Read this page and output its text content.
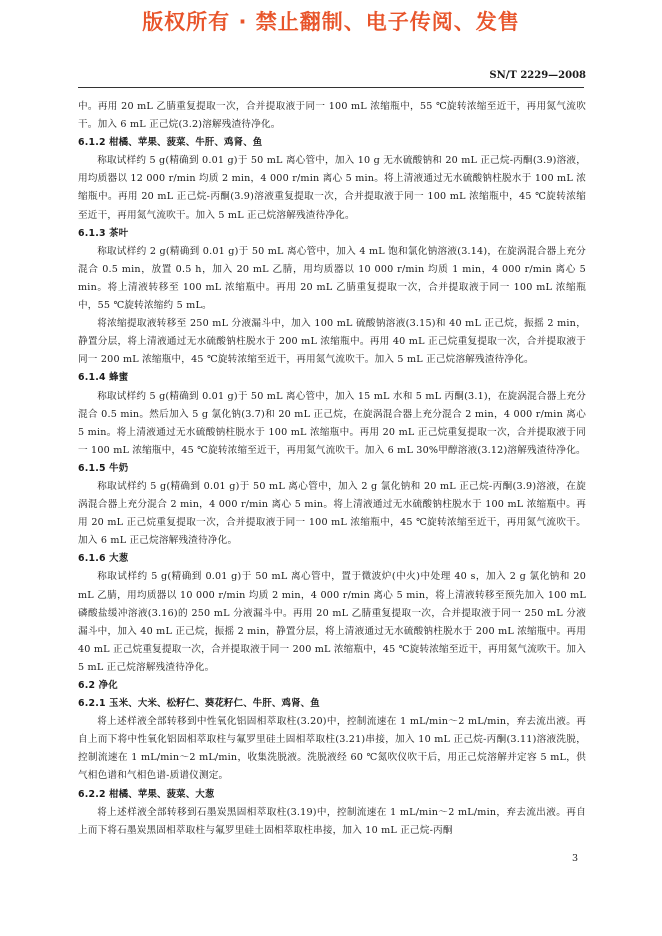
版权所有 · 禁止翻制、电子传阅、发售
SN/T 2229—2008

中。再用 20 mL 乙腈重复提取一次，合并提取液于同一 100 mL 浓缩瓶中，55 ℃旋转浓缩至近干，再用氮气流吹干。加入 6 mL 正己烷(3.2)溶解残渣待净化。

6.1.2 柑橘、苹果、菠菜、牛肝、鸡肾、鱼

称取试样约 5 g(精确到 0.01 g)于 50 mL 离心管中，加入 10 g 无水硫酸钠和 20 mL 正己烷-丙酮(3.9)溶液，用均质器以 12 000 r/min 均质 2 min，4 000 r/min 离心 5 min。将上清液通过无水硫酸钠柱脱水于 100 mL 浓缩瓶中。再用 20 mL 正己烷-丙酮(3.9)溶液重复提取一次，合并提取液于同一 100 mL 浓缩瓶中，45 ℃旋转浓缩至近干，再用氮气流吹干。加入 5 mL 正己烷溶解残渣待净化。

6.1.3 茶叶

称取试样约 2 g(精确到 0.01 g)于 50 mL 离心管中，加入 4 mL 饱和氯化钠溶液(3.14)，在旋涡混合器上充分混合 0.5 min，放置 0.5 h，加入 20 mL 乙腈，用均质器以 10 000 r/min 均质 1 min，4 000 r/min 离心 5 min。将上清液转移至 100 mL 浓缩瓶中。再用 20 mL 乙腈重复提取一次，合并提取液于同一 100 mL 浓缩瓶中，55 ℃旋转浓缩约 5 mL。

将浓缩提取液转移至 250 mL 分液漏斗中，加入 100 mL 硫酸钠溶液(3.15)和 40 mL 正己烷，振摇 2 min，静置分层，将上清液通过无水硫酸钠柱脱水于 200 mL 浓缩瓶中。再用 40 mL 正己烷重复提取一次，合并提取液于同一 200 mL 浓缩瓶中，45 ℃旋转浓缩至近干，再用氮气流吹干。加入 5 mL 正己烷溶解残渣待净化。

6.1.4 蜂蜜

称取试样约 5 g(精确到 0.01 g)于 50 mL 离心管中，加入 15 mL 水和 5 mL 丙酮(3.1)，在旋涡混合器上充分混合 0.5 min。然后加入 5 g 氯化钠(3.7)和 20 mL 正己烷，在旋涡混合器上充分混合 2 min，4 000 r/min 离心 5 min。将上清液通过无水硫酸钠柱脱水于 100 mL 浓缩瓶中。再用 20 mL 正己烷重复提取一次，合并提取液于同一 100 mL 浓缩瓶中，45 ℃旋转浓缩至近干，再用氮气流吹干。加入 6 mL 30%甲醇溶液(3.12)溶解残渣待净化。

6.1.5 牛奶

称取试样约 5 g(精确到 0.01 g)于 50 mL 离心管中，加入 2 g 氯化钠和 20 mL 正己烷-丙酮(3.9)溶液，在旋涡混合器上充分混合 2 min，4 000 r/min 离心 5 min。将上清液通过无水硫酸钠柱脱水于 100 mL 浓缩瓶中。再用 20 mL 正己烷重复提取一次，合并提取液于同一 100 mL 浓缩瓶中，45 ℃旋转浓缩至近干，再用氮气流吹干。加入 6 mL 正己烷溶解残渣待净化。

6.1.6 大葱

称取试样约 5 g(精确到 0.01 g)于 50 mL 离心管中，置于微波炉(中火)中处理 40 s，加入 2 g 氯化钠和 20 mL 乙腈，用均质器以 10 000 r/min 均质 2 min，4 000 r/min 离心 5 min，将上清液转移至预先加入 100 mL 磷酸盐缓冲溶液(3.16)的 250 mL 分液漏斗中。再用 20 mL 乙腈重复提取一次，合并提取液于同一 250 mL 分液漏斗中，加入 40 mL 正己烷，振摇 2 min，静置分层，将上清液通过无水硫酸钠柱脱水于 200 mL 浓缩瓶中。再用 40 mL 正己烷重复提取一次，合并提取液于同一 200 mL 浓缩瓶中，45 ℃旋转浓缩至近干，再用氮气流吹干。加入 5 mL 正己烷溶解残渣待净化。

6.2 净化
6.2.1 玉米、大米、松籽仁、葵花籽仁、牛肝、鸡肾、鱼

将上述样液全部转移到中性氧化铝固相萃取柱(3.20)中，控制流速在 1 mL/min～2 mL/min，弃去流出液。再自上而下将中性氧化铝固相萃取柱与氟罗里硅土固相萃取柱(3.21)串接，加入 10 mL 正己烷-丙酮(3.11)溶液洗脱，控制流速在 1 mL/min～2 mL/min，收集洗脱液。洗脱液经 60 ℃氮吹仪吹干后，用正己烷溶解并定容 5 mL，供气相色谱和气相色谱-质谱仪测定。

6.2.2 柑橘、苹果、菠菜、大葱

将上述样液全部转移到石墨炭黑固相萃取柱(3.19)中，控制流速在 1 mL/min～2 mL/min，弃去流出液。再自上而下将石墨炭黑固相萃取柱与氟罗里硅土固相萃取柱串接，加入 10 mL 正己烷-丙酮

3
